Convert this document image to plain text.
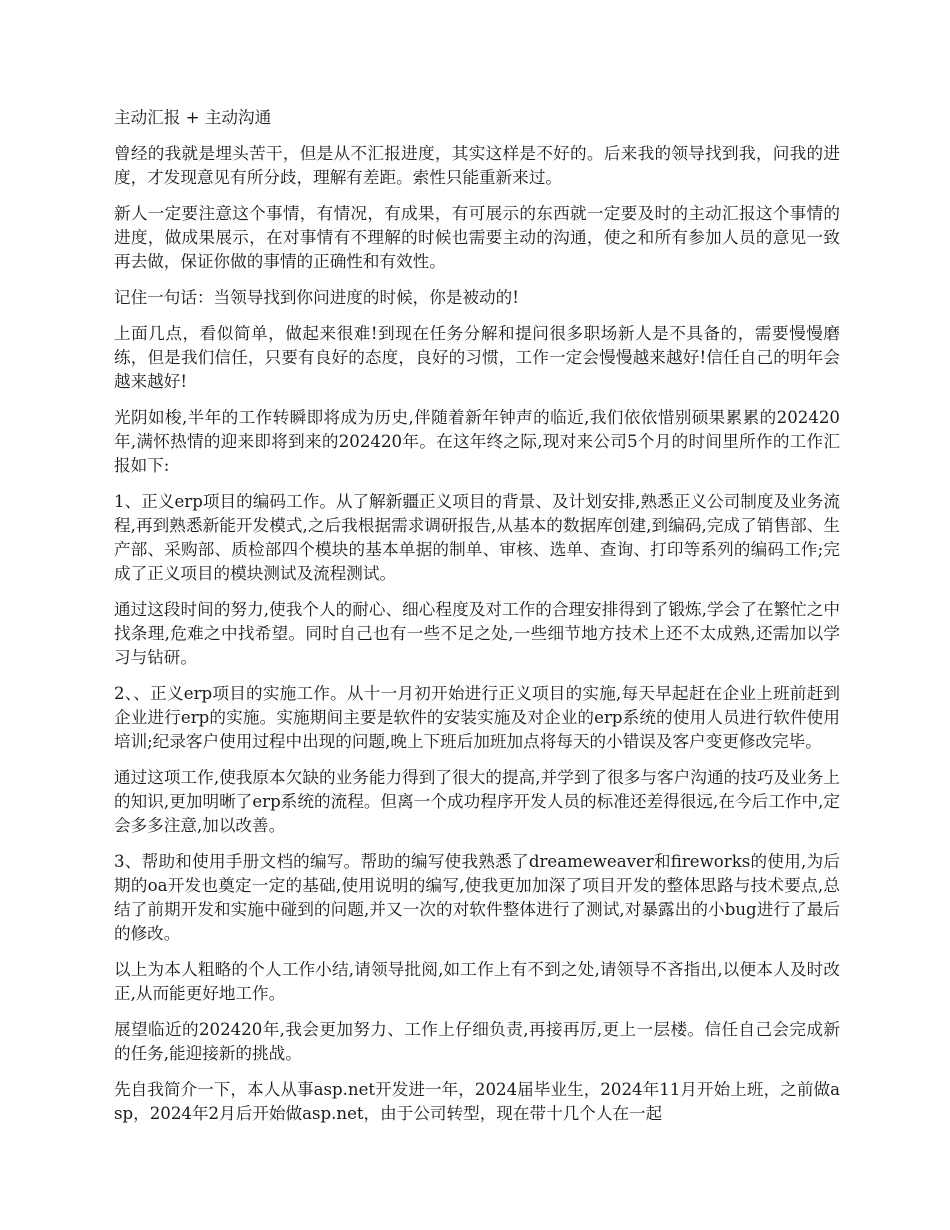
主动汇报 + 主动沟通

曾经的我就是埋头苦干，但是从不汇报进度，其实这样是不好的。后来我的领导找到我，问我的进度，才发现意见有所分歧，理解有差距。索性只能重新来过。

新人一定要注意这个事情，有情况，有成果，有可展示的东西就一定要及时的主动汇报这个事情的进度，做成果展示，在对事情有不理解的时候也需要主动的沟通，使之和所有参加人员的意见一致再去做，保证你做的事情的正确性和有效性。

记住一句话：当领导找到你问进度的时候，你是被动的!

上面几点，看似简单，做起来很难!到现在任务分解和提问很多职场新人是不具备的，需要慢慢磨练，但是我们信任，只要有良好的态度，良好的习惯，工作一定会慢慢越来越好!信任自己的明年会越来越好!

光阴如梭,半年的工作转瞬即将成为历史,伴随着新年钟声的临近,我们依依惜别硕果累累的202420年,满怀热情的迎来即将到来的202420年。在这年终之际,现对来公司5个月的时间里所作的工作汇报如下:

1、正义erp项目的编码工作。从了解新疆正义项目的背景、及计划安排,熟悉正义公司制度及业务流程,再到熟悉新能开发模式,之后我根据需求调研报告,从基本的数据库创建,到编码,完成了销售部、生产部、采购部、质检部四个模块的基本单据的制单、审核、选单、查询、打印等系列的编码工作;完成了正义项目的模块测试及流程测试。

通过这段时间的努力,使我个人的耐心、细心程度及对工作的合理安排得到了锻炼,学会了在繁忙之中找条理,危难之中找希望。同时自己也有一些不足之处,一些细节地方技术上还不太成熟,还需加以学习与钻研。

2、、正义erp项目的实施工作。从十一月初开始进行正义项目的实施,每天早起赶在企业上班前赶到企业进行erp的实施。实施期间主要是软件的安装实施及对企业的erp系统的使用人员进行软件使用培训;纪录客户使用过程中出现的问题,晚上下班后加班加点将每天的小错误及客户变更修改完毕。

通过这项工作,使我原本欠缺的业务能力得到了很大的提高,并学到了很多与客户沟通的技巧及业务上的知识,更加明晰了erp系统的流程。但离一个成功程序开发人员的标准还差得很远,在今后工作中,定会多多注意,加以改善。

3、帮助和使用手册文档的编写。帮助的编写使我熟悉了dreameweaver和fireworks的使用,为后期的oa开发也奠定一定的基础,使用说明的编写,使我更加加深了项目开发的整体思路与技术要点,总结了前期开发和实施中碰到的问题,并又一次的对软件整体进行了测试,对暴露出的小bug进行了最后的修改。

以上为本人粗略的个人工作小结,请领导批阅,如工作上有不到之处,请领导不吝指出,以便本人及时改正,从而能更好地工作。

展望临近的202420年,我会更加努力、工作上仔细负责,再接再厉,更上一层楼。信任自己会完成新的任务,能迎接新的挑战。

先自我简介一下，本人从事asp.net开发进一年，2024届毕业生，2024年11月开始上班，之前做asp，2024年2月后开始做asp.net，由于公司转型，现在带十几个人在一起
